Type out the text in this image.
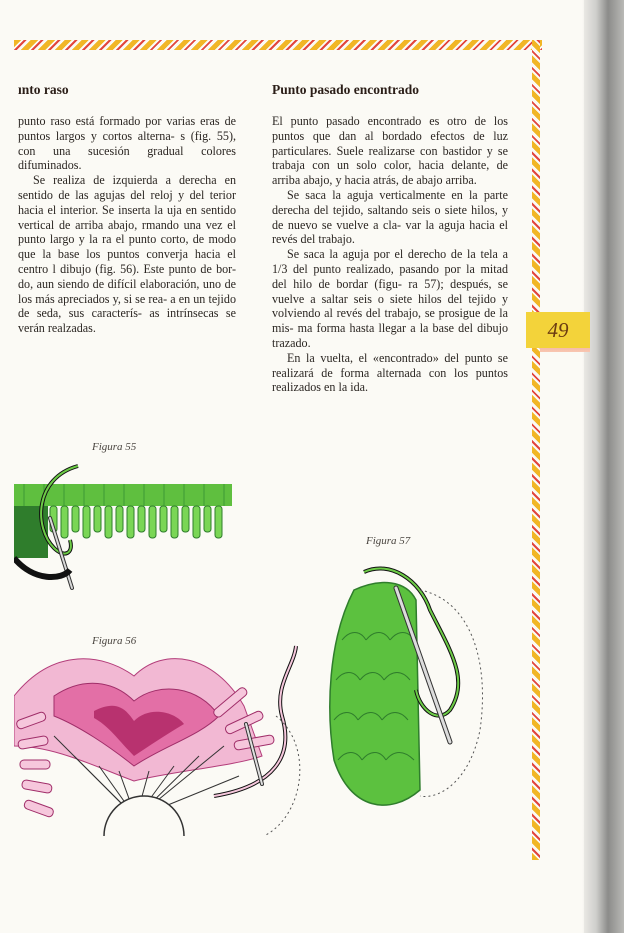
49
ınto raso

punto raso está formado por varias eras de puntos largos y cortos alterna- s (fig. 55), con una sucesión gradual colores difuminados.

Se realiza de izquierda a derecha en sentido de las agujas del reloj y del terior hacia el interior. Se inserta la uja en sentido vertical de arriba abajo, rmando una vez el punto largo y la ra el punto corto, de modo que la base los puntos converja hacia el centro l dibujo (fig. 56). Este punto de bor- do, aun siendo de difícil elaboración, uno de los más apreciados y, si se rea- a en un tejido de seda, sus caracterís- as intrínsecas se verán realzadas.

Punto pasado encontrado

El punto pasado encontrado es otro de los puntos que dan al bordado efectos de luz particulares. Suele realizarse con bastidor y se trabaja con un solo color, hacia delante, de arriba abajo, y hacia atrás, de abajo arriba.

Se saca la aguja verticalmente en la parte derecha del tejido, saltando seis o siete hilos, y de nuevo se vuelve a cla- var la aguja hacia el revés del trabajo.

Se saca la aguja por el derecho de la tela a 1/3 del punto realizado, pasando por la mitad del hilo de bordar (figu- ra 57); después, se vuelve a saltar seis o siete hilos del tejido y volviendo al revés del trabajo, se prosigue de la mis- ma forma hasta llegar a la base del dibujo trazado.

En la vuelta, el «encontrado» del punto se realizará de forma alternada con los puntos realizados en la ida.

Figura 55
Figura 56
Figura 57
